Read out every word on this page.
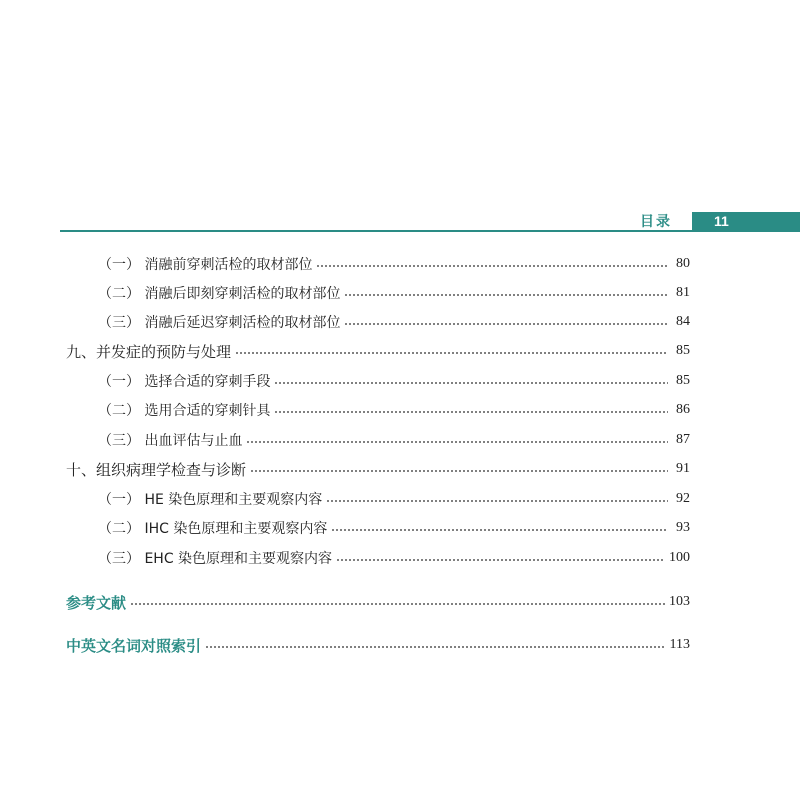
目录	11
（一） 消融前穿刺活检的取材部位	80
（二） 消融后即刻穿刺活检的取材部位	81
（三） 消融后延迟穿刺活检的取材部位	84
九、并发症的预防与处理	85
（一） 选择合适的穿刺手段	85
（二） 选用合适的穿刺针具	86
（三） 出血评估与止血	87
十、组织病理学检查与诊断	91
（一） HE 染色原理和主要观察内容	92
（二） IHC 染色原理和主要观察内容	93
（三） EHC 染色原理和主要观察内容	100
参考文献	103
中英文名词对照索引	113
